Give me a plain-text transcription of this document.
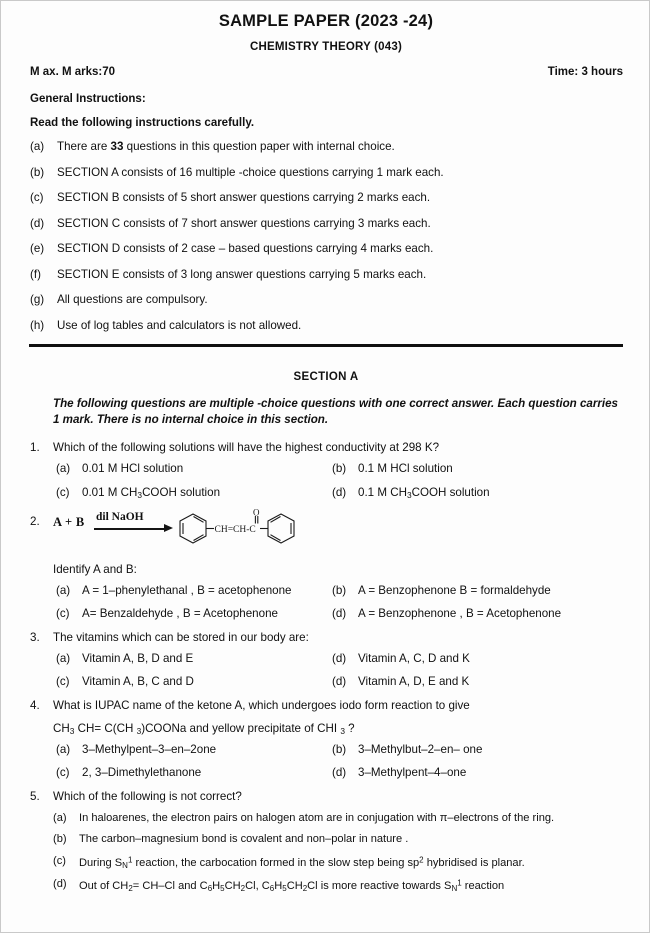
SAMPLE PAPER (2023 -24)
CHEMISTRY THEORY (043)
M ax. M arks:70	Time: 3 hours
General Instructions:
Read the following instructions carefully.
(a) There are 33 questions in this question paper with internal choice.
(b) SECTION A consists of 16 multiple -choice questions carrying 1 mark each.
(c) SECTION B consists of 5 short answer questions carrying 2 marks each.
(d) SECTION C consists of 7 short answer questions carrying 3 marks each.
(e) SECTION D consists of 2 case – based questions carrying 4 marks each.
(f) SECTION E consists of 3 long answer questions carrying 5 marks each.
(g) All questions are compulsory.
(h) Use of log tables and calculators is not allowed.
SECTION A
The following questions are multiple -choice questions with one correct answer. Each question carries 1 mark. There is no internal choice in this section.
1. Which of the following solutions will have the highest conductivity at 298 K?
(a) 0.01 M HCl solution	(b) 0.1 M HCl solution
(c) 0.01 M $CH_3COOH$ solution	(d) 0.1 M $CH_3COOH$ solution
2. A + B dil NaOH
CH=CH-C
O
Identify A and B:
(a) A = 1–phenylethanal , B = acetophenone	(b) A = Benzophenone B = formaldehyde
(c) A= Benzaldehyde , B = Acetophenone	(d) A = Benzophenone , B = Acetophenone
3. The vitamins which can be stored in our body are:
(a) Vitamin A, B, D and E	(d) Vitamin A, C, D and K
(c) Vitamin A, B, C and D	(d) Vitamin A, D, E and K
4. What is IUPAC name of the ketone A, which undergoes iodo form reaction to give
$CH_3$ CH= C(CH $_3$)COONa and yellow precipitate of CHI $_3$ ?
(a) 3–Methylpent–3–en–2one	(b) 3–Methylbut–2–en– one
(c) 2, 3–Dimethylethanone	(d) 3–Methylpent–4–one
5. Which of the following is not correct?
(a) In haloarenes, the electron pairs on halogen atom are in conjugation with π–electrons of the ring.
(b) The carbon–magnesium bond is covalent and non–polar in nature .
(c) During $S_N^1$ reaction, the carbocation formed in the slow step being $sp^2$ hybridised is planar.
(d) Out of $CH_2= CH-Cl$ and $C_6H_5CH_2Cl$, $C_6H_5CH_2Cl$ is more reactive towards $S_N^1$ reaction
